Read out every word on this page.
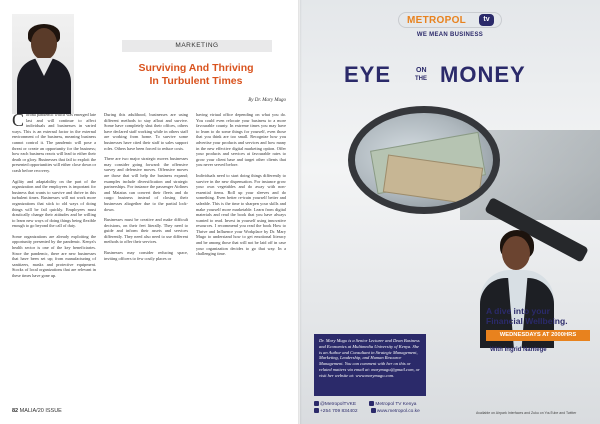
MARKETING
Surviving And Thriving
In Turbulent Times
By Dr. Mary Mugo

Corona pandemic which was emerged late last and will continue to affect individuals and businesses in varied ways. This is an external factor in the external environment of the business, meaning business cannot control it. The pandemic will pose a threat or create an opportunity for the business; how each business reacts will lead to either their death or glory. Businesses that fail to exploit the presented opportunities will either close down or crash before recovery.

Agility and adaptability on the part of the organization and the employees is important for business that wants to survive and thrive in this turbulent times. Businesses will not work more organizations that stick to old ways of doing things will be fail quickly. Employees must drastically change their attitudes and be willing to learn new ways of doing things being flexible enough to go beyond the call of duty.

Some organizations are already exploiting the opportunity presented by the pandemic. Kenya's health sector is one of the key beneficiaries. Since the pandemic, there are new businesses that have been set up; from manufacturing of sanitizers, masks and protective equipment. Stocks of local organizations that are relevant in these times have gone up.

During this adulthood, businesses are using different methods to stay afloat and survive. Some have completely shut their offices, others have declared staff working while in others staff are working from home. To survive some businesses have cited their staff to sales support roles. Others have been forced to reduce costs.

There are two major strategic moves businesses may consider going forward: the offensive survey and defensive moves. Offensive moves are those that will help the business expand; examples include diversification and strategic partnerships. For instance the passenger Airlines and Matatus can convert their fleets and do cargo business instead of closing their businesses altogether due to the partial lock-down.

Businesses must be creative and make difficult decisions, on their feet literally. They need to guide and inform their assets and services differently. They need also need to use different methods to offer their services.

Businesses may consider reducing space, inviting officers to few costly places or

having virtual office depending on what you do. You could even relocate your business to a more favourable county. In extreme times you may have to learn to do some things for yourself, even those that you think are too small. Recognize how you advertise your products and services and how many in the new effective digital marketing option. Offer your products and services at favourable rates to grow your client base and target other clients that you never served before.

Individuals need to start doing things differently to survive in the new dispensation. For instance grow your own vegetables and do away with non-essential items. Roll up your sleeves and do something. Even better re-train yourself better and saleable. This is the time to sharpen your skills and make yourself more marketable. Learn from digital materials and read the book that you have always wanted to read. Invest in yourself using innovative resources. I recommend you read the book How to Thrive and Influence your Workplace by Dr. Mary Mugo to understand how to get emotional literacy and be among those that will not be laid off in case your organization decides to go that way. In a challenging time.

82 MALIA/20 ISSUE
METROPOL	tv
WE MEAN BUSINESS
EYE	ON
THE MONEY
A dive into your
Financial Wellbeing.
WEDNESDAYS AT 2000HRS
With Ingrid Nantege
Dr. Mary Mugo is a Senior Lecturer and Dean Business and Economics at Multimedia University of Kenya. She is an Author and Consultant in Strategic Management, Marketing, Leadership, and Human Resource Management. You can comment with her on this or related matters via email at: marymugo@gmail.com, or visit her website at: www.marymugo.com.
@MetropolTVKE	Metropol TV Kenya
+254 709 834402	www.metropol.co.ke	Available on Airpark Interfaces and Zuku on YouTube and Twitter
